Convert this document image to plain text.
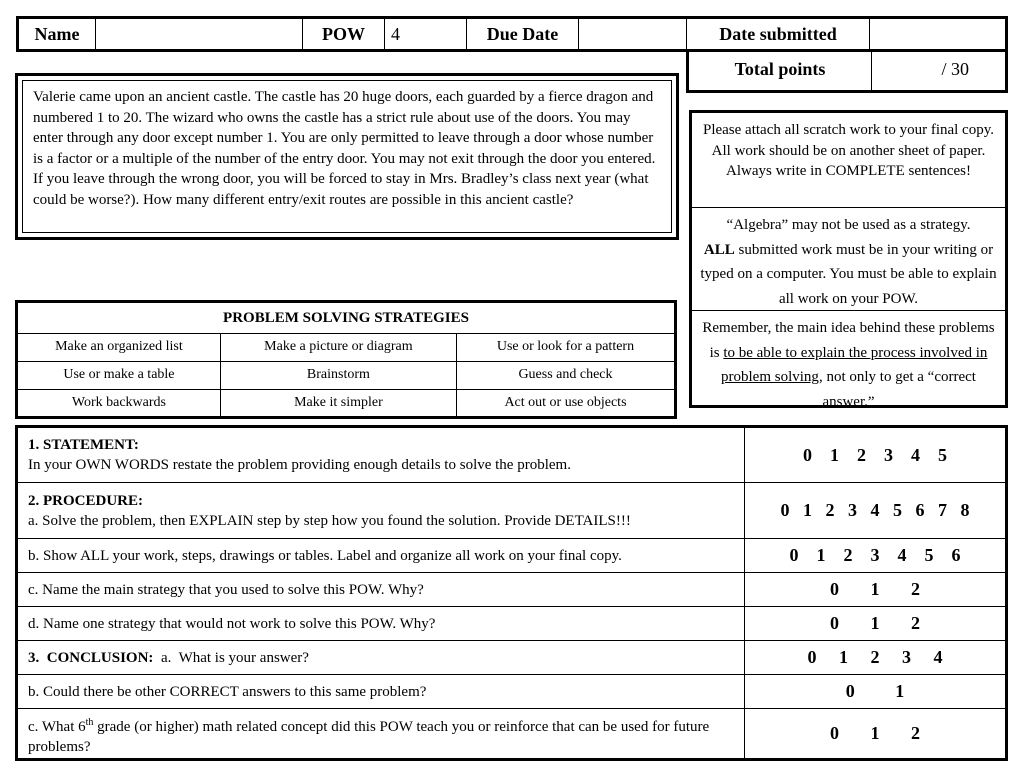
Name	POW	4	Due Date	Date submitted
Total points	/ 30
Valerie came upon an ancient castle. The castle has 20 huge doors, each guarded by a fierce dragon and numbered 1 to 20. The wizard who owns the castle has a strict rule about use of the doors. You may enter through any door except number 1. You are only permitted to leave through a door whose number is a factor or a multiple of the number of the entry door. You may not exit through the door you entered. If you leave through the wrong door, you will be forced to stay in Mrs. Bradley’s class next year (what could be worse?). How many different entry/exit routes are possible in this ancient castle?
Please attach all scratch work to your final copy. All work should be on another sheet of paper. Always write in COMPLETE sentences!
“Algebra” may not be used as a strategy.
ALL submitted work must be in your writing or typed on a computer. You must be able to explain all work on your POW.
Remember, the main idea behind these problems is to be able to explain the process involved in problem solving, not only to get a “correct answer.”
PROBLEM SOLVING STRATEGIES		
Make an organized list	Make a picture or diagram	Use or look for a pattern
Use or make a table	Brainstorm	Guess and check
Work backwards	Make it simpler	Act out or use objects
1. STATEMENT:
In your OWN WORDS restate the problem providing enough details to solve the problem.
0    1    2    3    4    5
2. PROCEDURE:
a. Solve the problem, then EXPLAIN step by step how you found the solution. Provide DETAILS!!!
0   1   2   3   4   5   6   7   8
b. Show ALL your work, steps, drawings or tables. Label and organize all work on your final copy.	0    1    2    3    4    5    6
c. Name the main strategy that you used to solve this POW. Why?	0       1       2
d. Name one strategy that would not work to solve this POW. Why?	0       1       2
3.  CONCLUSION: a.  What is your answer?	0     1     2     3     4
b. Could there be other CORRECT answers to this same problem?	0         1
c. What 6th grade (or higher) math related concept did this POW teach you or reinforce that can be used for future problems?
0       1       2
